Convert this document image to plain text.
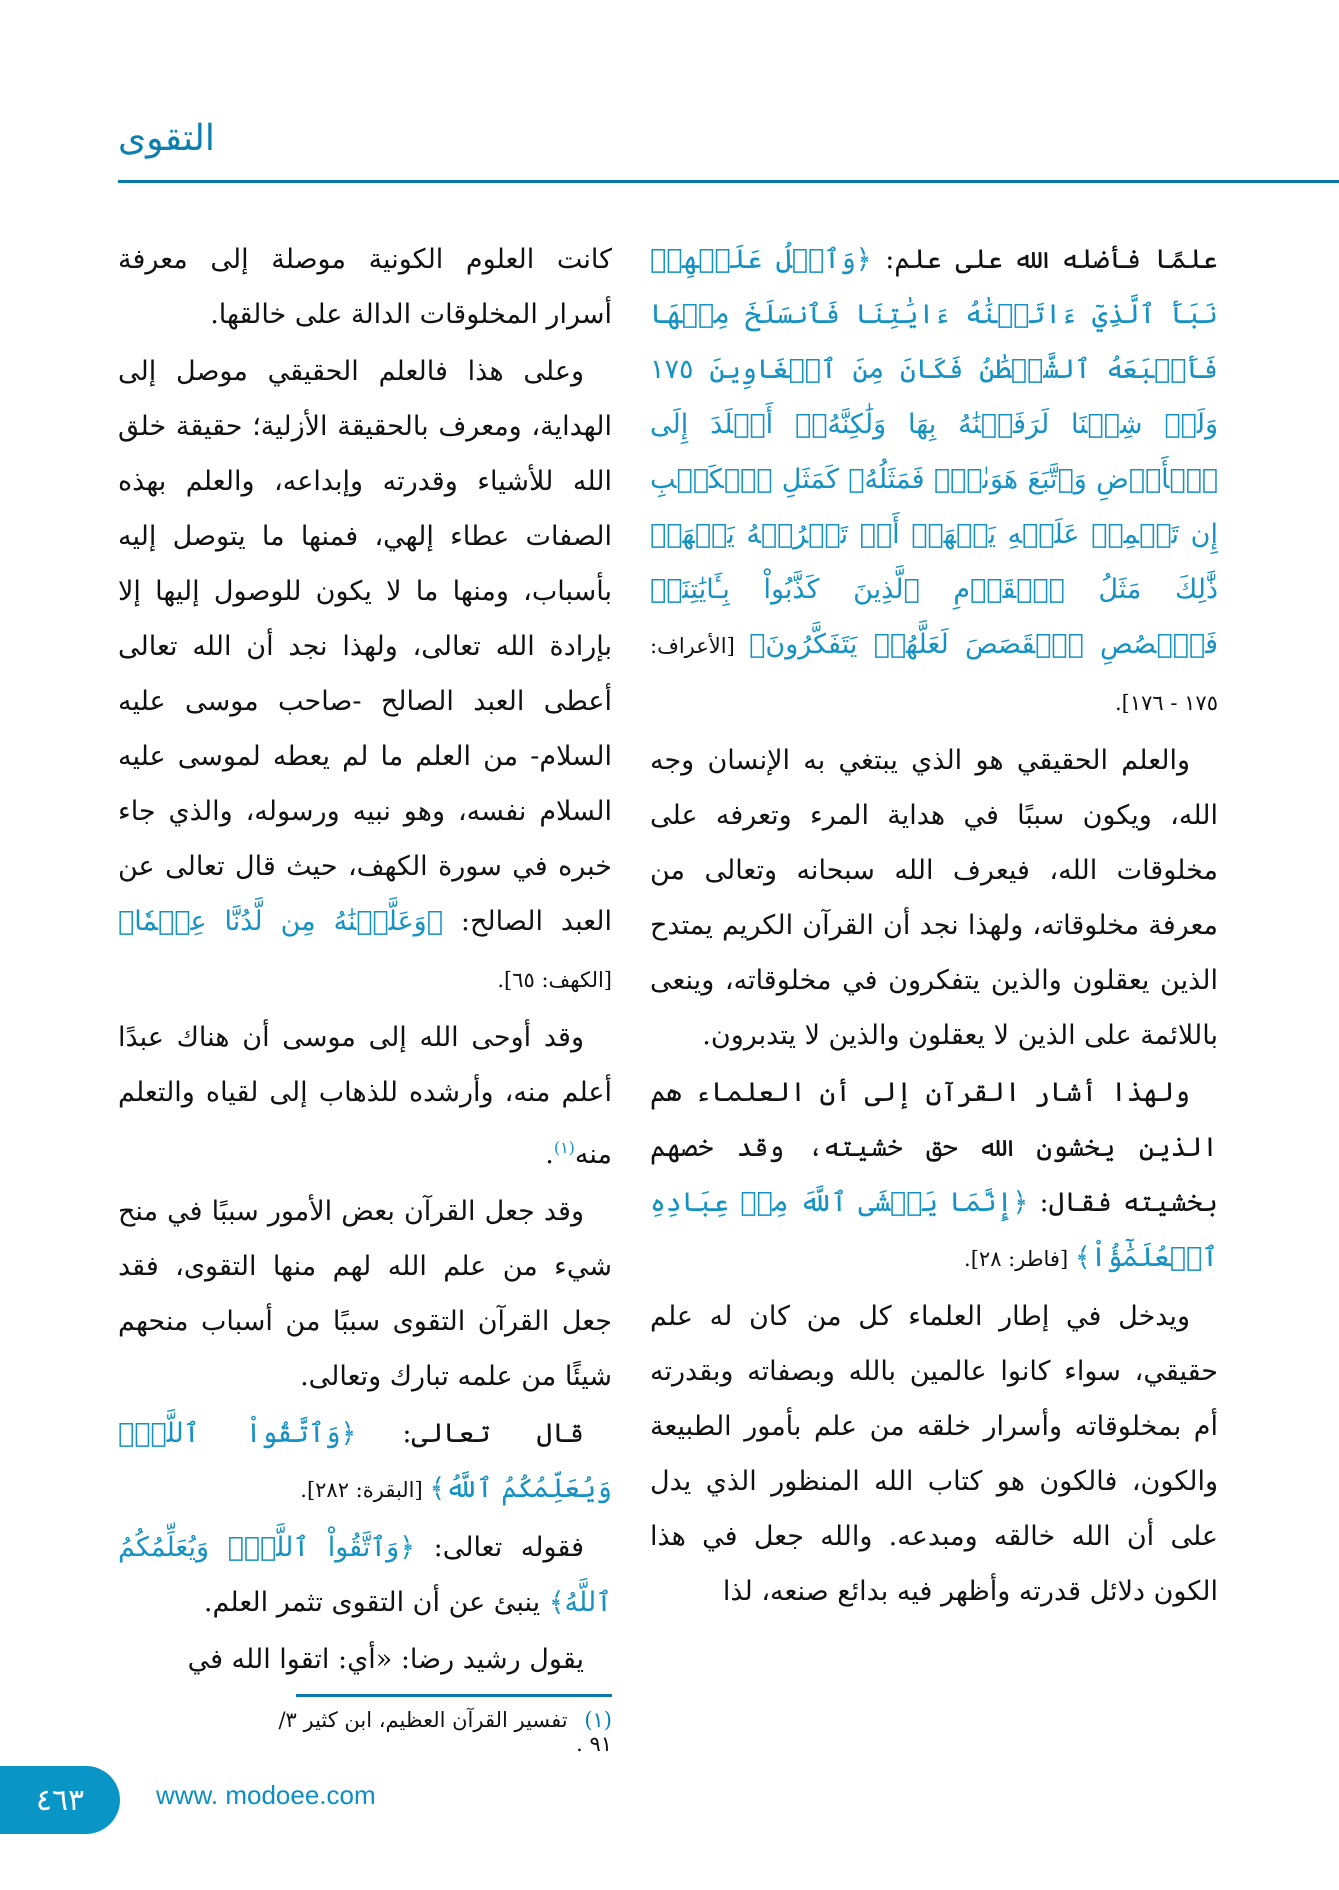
التقوى

علمًا فأضله الله على علم: ﴿وَٱتۡلُ عَلَيۡهِمۡ نَبَأَ ٱلَّذِيٓ ءَاتَيۡنَٰهُ ءَايَٰتِنَا فَٱنسَلَخَ مِنۡهَا فَأَتۡبَعَهُ ٱلشَّيۡطَٰنُ فَكَانَ مِنَ ٱلۡغَاوِينَ ١٧٥ وَلَوۡ شِئۡنَا لَرَفَعۡنَٰهُ بِهَا وَلَٰكِنَّهُۥٓ أَخۡلَدَ إِلَى ٱلۡأَرۡضِ وَٱتَّبَعَ هَوَىٰهُۚ فَمَثَلُهُۥ كَمَثَلِ ٱلۡكَلۡبِ إِن تَحۡمِلۡ عَلَيۡهِ يَلۡهَثۡ أَوۡ تَتۡرُكۡهُ يَلۡهَثۚ ذَّٰلِكَ مَثَلُ ٱلۡقَوۡمِ ٱلَّذِينَ كَذَّبُواْ بِـَٔايَٰتِنَاۚ فَٱقۡصُصِ ٱلۡقَصَصَ لَعَلَّهُمۡ يَتَفَكَّرُونَ﴾ [الأعراف: ١٧٥ - ١٧٦].

والعلم الحقيقي هو الذي يبتغي به الإنسان وجه الله، ويكون سببًا في هداية المرء وتعرفه على مخلوقات الله، فيعرف الله سبحانه وتعالى من معرفة مخلوقاته، ولهذا نجد أن القرآن الكريم يمتدح الذين يعقلون والذين يتفكرون في مخلوقاته، وينعى باللائمة على الذين لا يعقلون والذين لا يتدبرون.

ولهذا أشار القرآن إلى أن العلماء هم الذين يخشون الله حق خشيته، وقد خصهم بخشيته فقال: ﴿إِنَّمَا يَخۡشَى ٱللَّهَ مِنۡ عِبَادِهِ ٱلۡعُلَمَٰٓؤُاْ﴾ [فاطر: ٢٨].

ويدخل في إطار العلماء كل من كان له علم حقيقي، سواء كانوا عالمين بالله وبصفاته وبقدرته أم بمخلوقاته وأسرار خلقه من علم بأمور الطبيعة والكون، فالكون هو كتاب الله المنظور الذي يدل على أن الله خالقه ومبدعه. والله جعل في هذا الكون دلائل قدرته وأظهر فيه بدائع صنعه، لذا

كانت العلوم الكونية موصلة إلى معرفة أسرار المخلوقات الدالة على خالقها.

وعلى هذا فالعلم الحقيقي موصل إلى الهداية، ومعرف بالحقيقة الأزلية؛ حقيقة خلق الله للأشياء وقدرته وإبداعه، والعلم بهذه الصفات عطاء إلهي، فمنها ما يتوصل إليه بأسباب، ومنها ما لا يكون للوصول إليها إلا بإرادة الله تعالى، ولهذا نجد أن الله تعالى أعطى العبد الصالح -صاحب موسى عليه السلام- من العلم ما لم يعطه لموسى عليه السلام نفسه، وهو نبيه ورسوله، والذي جاء خبره في سورة الكهف، حيث قال تعالى عن العبد الصالح: ﴿وَعَلَّمۡنَٰهُ مِن لَّدُنَّا عِلۡمٗا﴾ [الكهف: ٦٥].

وقد أوحى الله إلى موسى أن هناك عبدًا أعلم منه، وأرشده للذهاب إلى لقياه والتعلم منه$^{(١)}$.

وقد جعل القرآن بعض الأمور سببًا في منح شيء من علم الله لهم منها التقوى، فقد جعل القرآن التقوى سببًا من أسباب منحهم شيئًا من علمه تبارك وتعالى.

قال تعالى: ﴿وَٱتَّقُواْ ٱللَّهَۖ وَيُعَلِّمُكُمُ ٱللَّهُ﴾ [البقرة: ٢٨٢].

فقوله تعالى: ﴿وَٱتَّقُواْ ٱللَّهَۖ وَيُعَلِّمُكُمُ ٱللَّهُ﴾ ينبئ عن أن التقوى تثمر العلم.

يقول رشيد رضا: «أي: اتقوا الله في

(١) تفسير القرآن العظيم، ابن كثير ٣/ ٩١ .
٤٦٣	www. modoee.com
